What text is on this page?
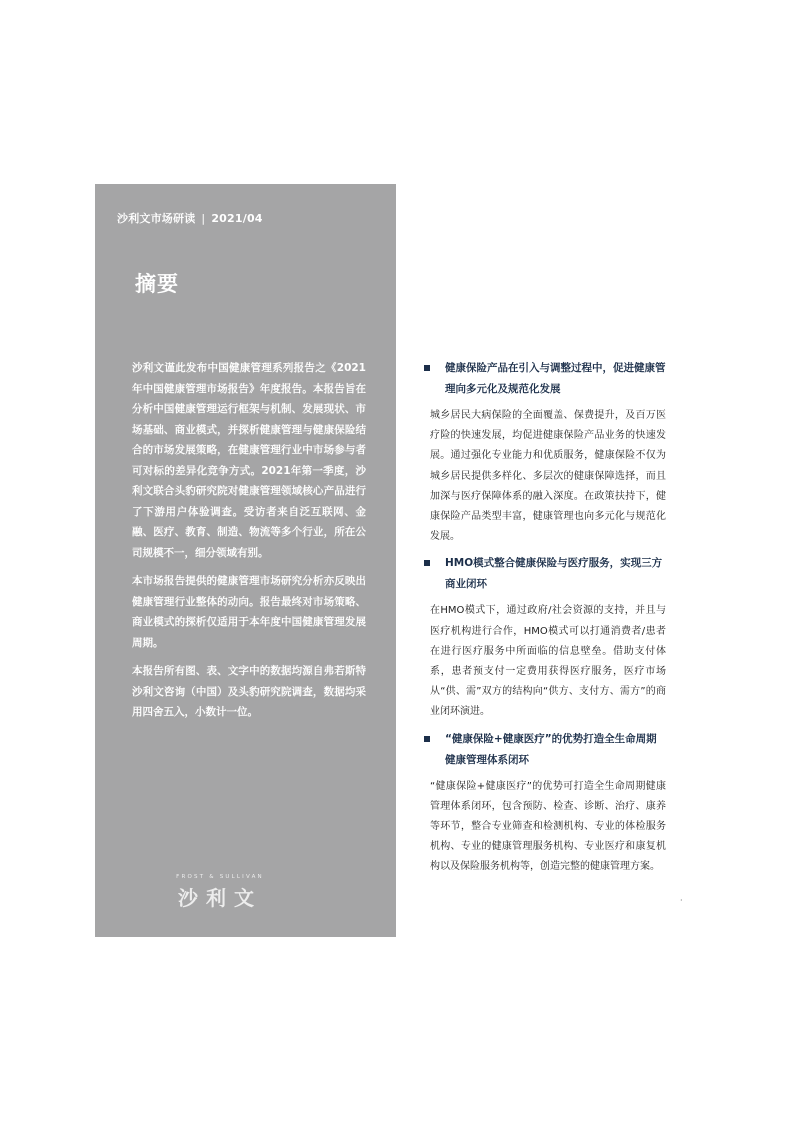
沙利文市场研读 | 2021/04
摘要

沙利文谨此发布中国健康管理系列报告之《2021年中国健康管理市场报告》年度报告。本报告旨在分析中国健康管理运行框架与机制、发展现状、市场基础、商业模式，并探析健康管理与健康保险结合的市场发展策略，在健康管理行业中市场参与者可对标的差异化竞争方式。2021年第一季度，沙利文联合头豹研究院对健康管理领域核心产品进行了下游用户体验调查。受访者来自泛互联网、金融、医疗、教育、制造、物流等多个行业，所在公司规模不一，细分领域有别。

本市场报告提供的健康管理市场研究分析亦反映出健康管理行业整体的动向。报告最终对市场策略、商业模式的探析仅适用于本年度中国健康管理发展周期。

本报告所有图、表、文字中的数据均源自弗若斯特沙利文咨询（中国）及头豹研究院调查，数据均采用四舍五入，小数计一位。

FROST & SULLIVAN
沙利文
健康保险产品在引入与调整过程中，促进健康管理向多元化及规范化发展
城乡居民大病保险的全面覆盖、保费提升，及百万医疗险的快速发展，均促进健康保险产品业务的快速发展。通过强化专业能力和优质服务，健康保险不仅为城乡居民提供多样化、多层次的健康保障选择，而且加深与医疗保障体系的融入深度。在政策扶持下，健康保险产品类型丰富，健康管理也向多元化与规范化发展。
HMO模式整合健康保险与医疗服务，实现三方商业闭环
在HMO模式下，通过政府/社会资源的支持，并且与医疗机构进行合作，HMO模式可以打通消费者/患者在进行医疗服务中所面临的信息壁垒。借助支付体系，患者预支付一定费用获得医疗服务，医疗市场从“供、需”双方的结构向“供方、支付方、需方”的商业闭环演进。
“健康保险+健康医疗”的优势打造全生命周期健康管理体系闭环
“健康保险+健康医疗”的优势可打造全生命周期健康管理体系闭环，包含预防、检查、诊断、治疗、康养等环节，整合专业筛查和检测机构、专业的体检服务机构、专业的健康管理服务机构、专业医疗和康复机构以及保险服务机构等，创造完整的健康管理方案。
·
